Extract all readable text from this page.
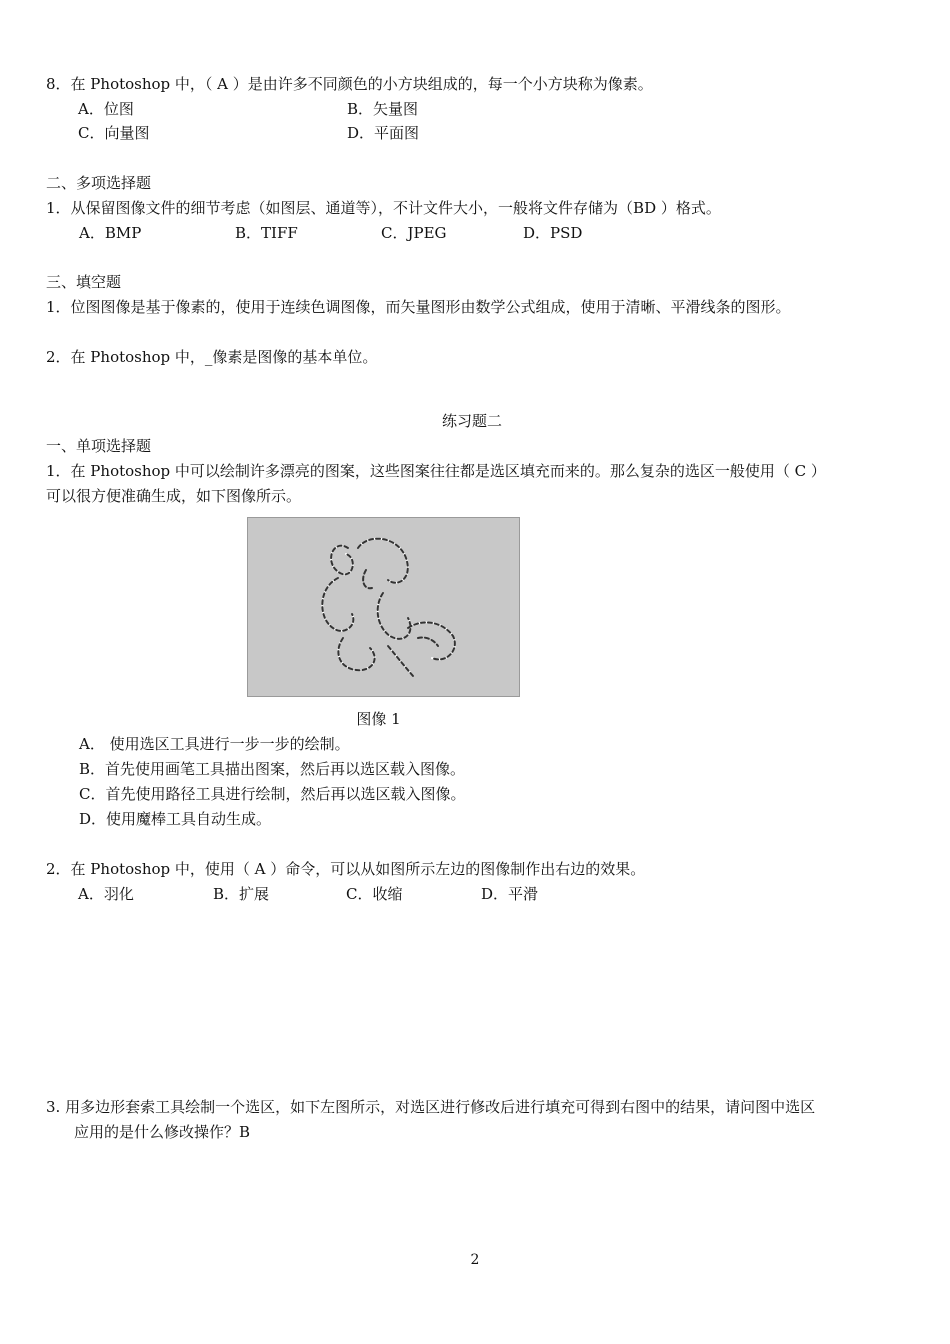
8．在 Photoshop 中，（ A ）是由许多不同颜色的小方块组成的，每一个小方块称为像素。
A．位图	B．矢量图
C．向量图	D．平面图
二、多项选择题
1．从保留图像文件的细节考虑（如图层、通道等），不计文件大小，一般将文件存储为（BD ）格式。
A．BMP	B．TIFF	C．JPEG	D．PSD
三、填空题
1．位图图像是基于像素的，使用于连续色调图像，而矢量图形由数学公式组成，使用于清晰、平滑线条的图形。
2．在 Photoshop 中，_像素是图像的基本单位。
练习题二
一、单项选择题
1．在 Photoshop 中可以绘制许多漂亮的图案，这些图案往往都是选区填充而来的。那么复杂的选区一般使用（ C ）
可以很方便准确生成，如下图像所示。
图像 1
A． 使用选区工具进行一步一步的绘制。
B．首先使用画笔工具描出图案，然后再以选区载入图像。
C．首先使用路径工具进行绘制，然后再以选区载入图像。
D．使用魔棒工具自动生成。
2．在 Photoshop 中，使用（ A ）命令，可以从如图所示左边的图像制作出右边的效果。
A．羽化	B．扩展	C．收缩	D．平滑
3. 用多边形套索工具绘制一个选区，如下左图所示，对选区进行修改后进行填充可得到右图中的结果，请问图中选区
应用的是什么修改操作？B
2
